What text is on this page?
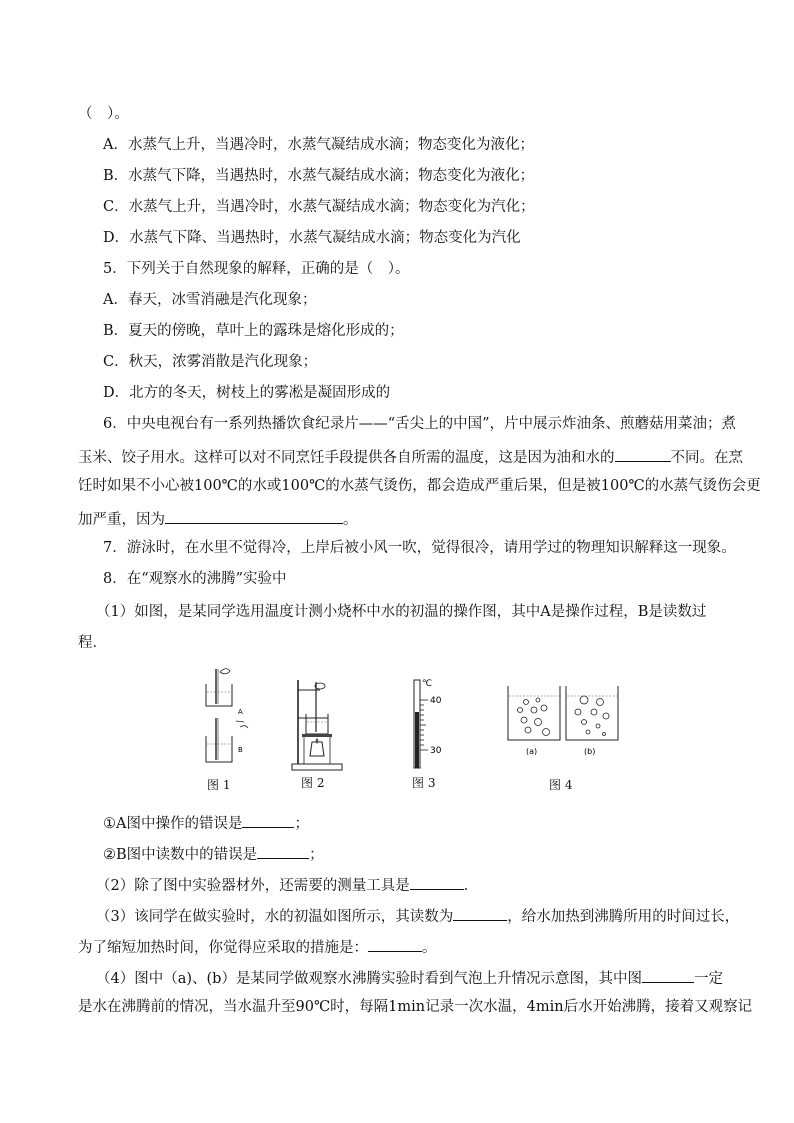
（　）。
A．水蒸气上升，当遇冷时，水蒸气凝结成水滴；物态变化为液化；
B．水蒸气下降，当遇热时，水蒸气凝结成水滴；物态变化为液化；
C．水蒸气上升，当遇冷时，水蒸气凝结成水滴；物态变化为汽化；
D．水蒸气下降、当遇热时，水蒸气凝结成水滴；物态变化为汽化
5．下列关于自然现象的解释，正确的是（　）。
A．春天，冰雪消融是汽化现象；
B．夏天的傍晚，草叶上的露珠是熔化形成的；
C．秋天，浓雾消散是汽化现象；
D．北方的冬天，树枝上的雾凇是凝固形成的
6．中央电视台有一系列热播饮食纪录片——“舌尖上的中国”，片中展示炸油条、煎蘑菇用菜油；煮
玉米、饺子用水。这样可以对不同烹饪手段提供各自所需的温度，这是因为油和水的	不同。在烹
饪时如果不小心被100℃的水或100℃的水蒸气烫伤，都会造成严重后果，但是被100℃的水蒸气烫伤会更
加严重，因为	。
7．游泳时，在水里不觉得冷，上岸后被小风一吹，觉得很冷，请用学过的物理知识解释这一现象。
8．在“观察水的沸腾”实验中
（1）如图，是某同学选用温度计测小烧杯中水的初温的操作图，其中A是操作过程，B是读数过
程．
A
B
图 1	图 2
℃
40
30
图 3
(a)	(b)
图 4
①A图中操作的错误是	；
②B图中读数中的错误是	；
（2）除了图中实验器材外，还需要的测量工具是	．
（3）该同学在做实验时，水的初温如图所示，其读数为	，给水加热到沸腾所用的时间过长，
为了缩短加热时间，你觉得应采取的措施是：	。
（4）图中（a)、(b）是某同学做观察水沸腾实验时看到气泡上升情况示意图，其中图	一定
是水在沸腾前的情况，当水温升至90℃时，每隔1min记录一次水温，4min后水开始沸腾，接着又观察记
